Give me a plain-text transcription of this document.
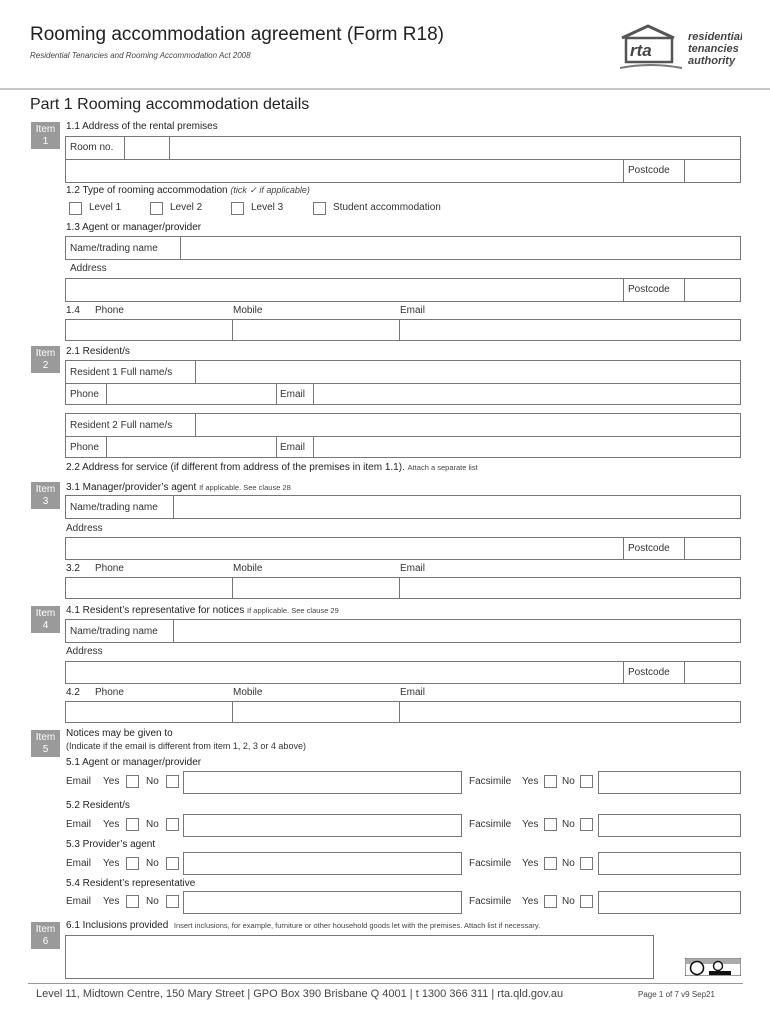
Rooming accommodation agreement (Form R18)
Residential Tenancies and Rooming Accommodation Act 2008	rta
residential
tenancies
authority
Part 1 Rooming accommodation details
Item
1
Item
2
Item
3
Item
4
Item
5
Item
6
1.1 Address of the rental premises
Room no.
Postcode
1.2 Type of rooming accommodation (tick ✓ if applicable)
Level 1	Level 2	Level 3	Student accommodation
1.3 Agent or manager/provider
Name/trading name
Address
Postcode
1.4 Phone	Mobile	Email
2.1 Resident/s
Resident 1 Full name/s
Phone	Email
Resident 2 Full name/s
Phone	Email
2.2 Address for service (if different from address of the premises in item 1.1). Attach a separate list
3.1 Manager/provider’s agent If applicable. See clause 28
Name/trading name
Address
Postcode
3.2 Phone	Mobile	Email
4.1 Resident’s representative for notices If applicable. See clause 29
Name/trading name
Address
Postcode
4.2 Phone	Mobile	Email
Notices may be given to
(Indicate if the email is different from item 1, 2, 3 or 4 above)
5.1 Agent or manager/provider
Email Yes	No	Facsimile Yes No
5.2 Resident/s
Email Yes	No	Facsimile Yes No
5.3 Provider’s agent
Email Yes	No	Facsimile Yes No
5.4 Resident’s representative
Email Yes	No	Facsimile Yes No
6.1 Inclusions provided Insert inclusions, for example, furniture or other household goods let with the premises. Attach list if necessary.
Level 11, Midtown Centre, 150 Mary Street | GPO Box 390 Brisbane Q 4001 | t 1300 366 311 | rta.qld.gov.au	Page 1 of 7 v9 Sep21
